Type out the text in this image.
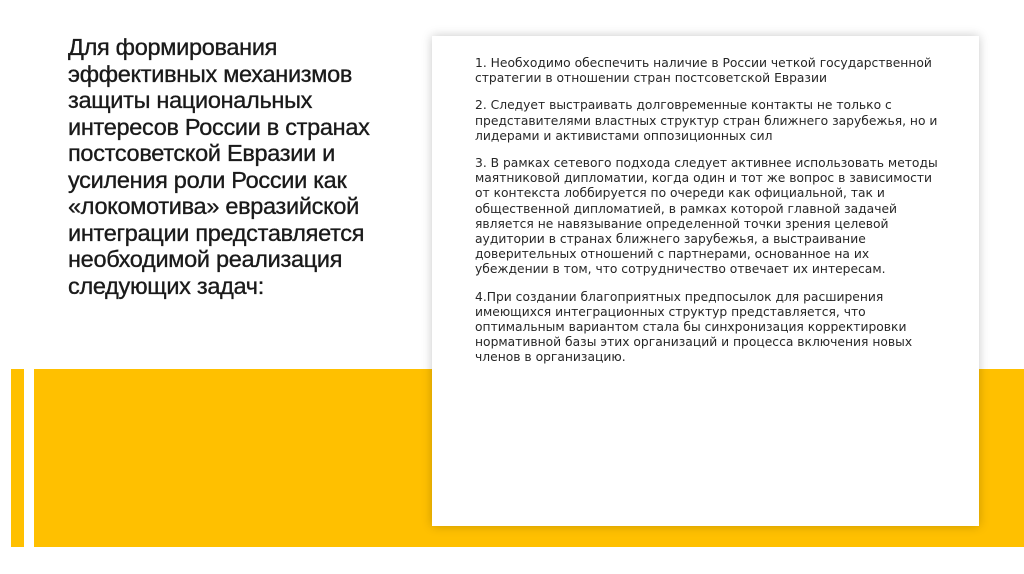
Для формирования эффективных механизмов защиты национальных интересов России в странах постсоветской Евразии и усиления роли России как «локомотива» евразийской интеграции представляется необходимой реализация следующих задач:

1. Необходимо обеспечить наличие в России четкой государственной стратегии в отношении стран постсоветской Евразии

2. Следует выстраивать долговременные контакты не только с представителями властных структур стран ближнего зарубежья, но и лидерами и активистами оппозиционных сил

3. В рамках сетевого подхода следует активнее использовать методы маятниковой дипломатии, когда один и тот же вопрос в зависимости от контекста лоббируется по очереди как официальной, так и общественной дипломатией, в рамках которой главной задачей является не навязывание определенной точки зрения целевой аудитории в странах ближнего зарубежья, а выстраивание доверительных отношений с партнерами, основанное на их убеждении в том, что сотрудничество отвечает их интересам.

4.При создании благоприятных предпосылок для расширения имеющихся интеграционных структур представляется, что оптимальным вариантом стала бы синхронизация корректировки нормативной базы этих организаций и процесса включения новых членов в организацию.
